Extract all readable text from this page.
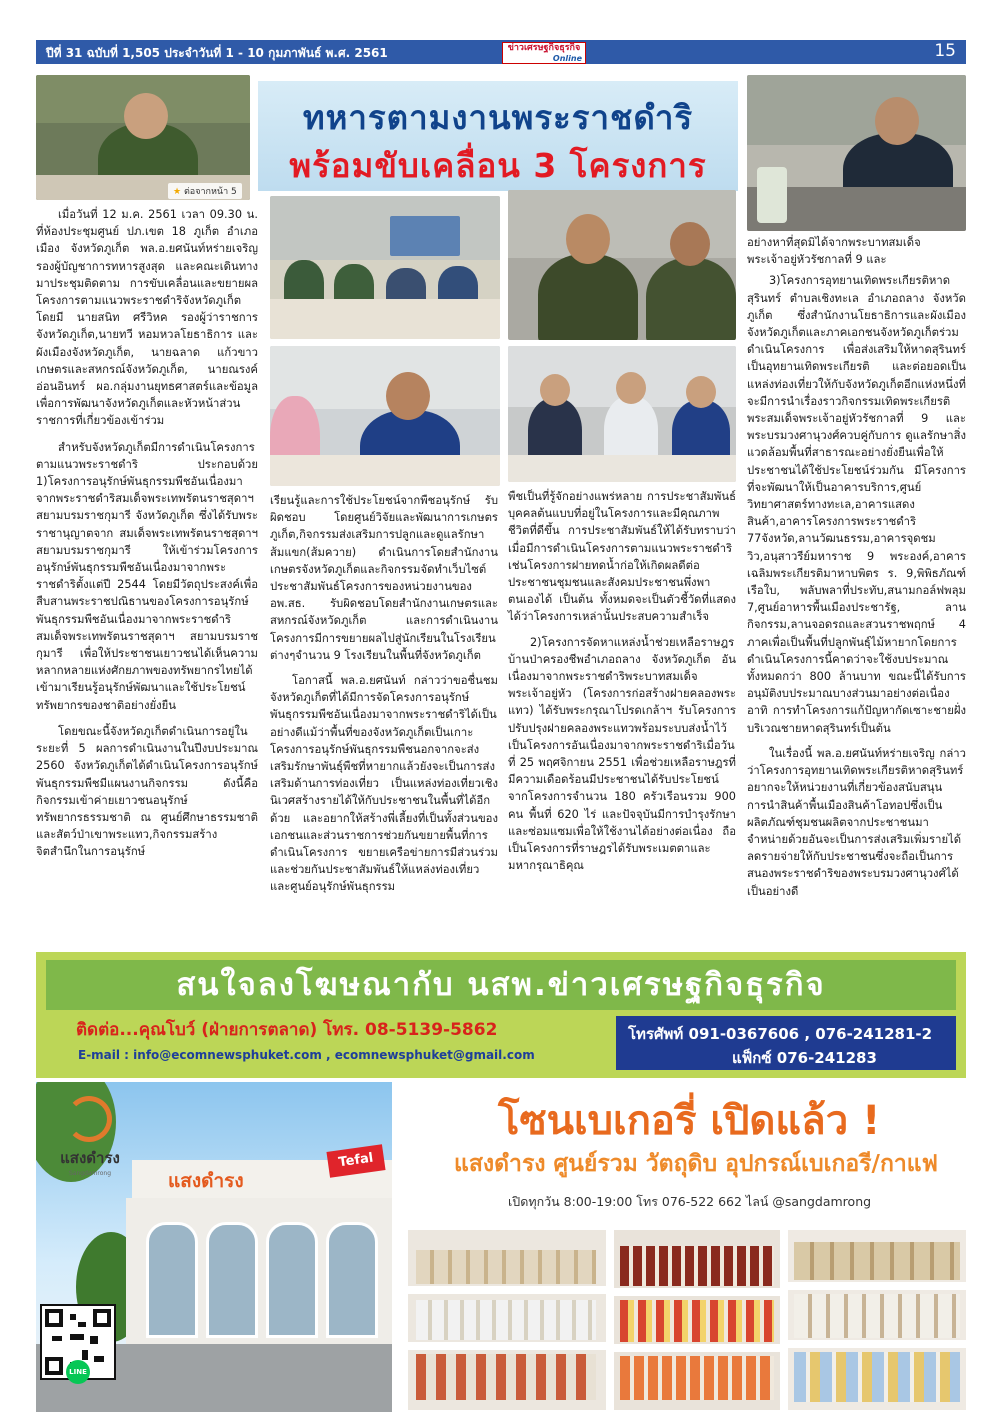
ปีที่ 31 ฉบับที่ 1,505 ประจำวันที่ 1 - 10 กุมภาพันธ์ พ.ศ. 2561	ข่าวเศรษฐกิจธุรกิจ
Online	15
★ ต่อจากหน้า 5
ทหารตามงานพระราชดำริ
พร้อมขับเคลื่อน 3 โครงการ

เมื่อวันที่ 12 ม.ค. 2561 เวลา 09.30 น. ที่ห้องประชุมศูนย์ ปภ.เขต 18 ภูเก็ต อำเภอเมือง จังหวัดภูเก็ต พล.อ.ยศนันท์หร่ายเจริญ รองผู้บัญชาการทหารสูงสุด และคณะเดินทางมาประชุมติดตาม การขับเคลื่อนและขยายผลโครงการตามแนวพระราชดำริจังหวัดภูเก็ต โดยมี นายสนิท ศรีวิหค รองผู้ว่าราชการจังหวัดภูเก็ต,นายทวี หอมหวลโยธาธิการ และผังเมืองจังหวัดภูเก็ต, นายฉลาด แก้วขาวเกษตรและสหกรณ์จังหวัดภูเก็ต, นายณรงค์อ่อนอินทร์ ผอ.กลุ่มงานยุทธศาสตร์และข้อมูลเพื่อการพัฒนาจังหวัดภูเก็ตและหัวหน้าส่วนราชการที่เกี่ยวข้องเข้าร่วม

สำหรับจังหวัดภูเก็ตมีการดำเนินโครงการตามแนวพระราชดำริ ประกอบด้วย 1)โครงการอนุรักษ์พันธุกรรมพืชอันเนื่องมาจากพระราชดำริสมเด็จพระเทพรัตนราชสุดาฯ สยามบรมราชกุมารี จังหวัดภูเก็ต ซึ่งได้รับพระราชานุญาตจาก สมเด็จพระเทพรัตนราชสุดาฯ สยามบรมราชกุมารี ให้เข้าร่วมโครงการอนุรักษ์พันธุกรรมพืชอันเนื่องมาจากพระราชดำริตั้งแต่ปี 2544 โดยมีวัตถุประสงค์เพื่อสืบสานพระราชปณิธานของโครงการอนุรักษ์พันธุกรรมพืชอันเนื่องมาจากพระราชดำริ สมเด็จพระเทพรัตนราชสุดาฯ สยามบรมราชกุมารี เพื่อให้ประชาชนเยาวชนได้เห็นความหลากหลายแห่งศักยภาพของทรัพยากรไทยได้เข้ามาเรียนรู้อนุรักษ์พัฒนาและใช้ประโยชน์ทรัพยากรของชาติอย่างยั่งยืน

โดยขณะนี้จังหวัดภูเก็ตดำเนินการอยู่ในระยะที่ 5 ผลการดำเนินงานในปีงบประมาณ 2560 จังหวัดภูเก็ตได้ดำเนินโครงการอนุรักษ์พันธุกรรมพืชมีแผนงานกิจกรรม ดังนี้คือ กิจกรรมเข้าค่ายเยาวชนอนุรักษ์ทรัพยากรธรรมชาติ ณ ศูนย์ศึกษาธรรมชาติและสัตว์ป่าเขาพระแทว,กิจกรรมสร้างจิตสำนึกในการอนุรักษ์

เรียนรู้และการใช้ประโยชน์จากพืชอนุรักษ์ รับผิดชอบ โดยศูนย์วิจัยและพัฒนาการเกษตรภูเก็ต,กิจกรรมส่งเสริมการปลูกและดูแลรักษาส้มแขก(ส้มควาย) ดำเนินการโดยสำนักงานเกษตรจังหวัดภูเก็ตและกิจกรรมจัดทำเว็บไซต์ประชาสัมพันธ์โครงการของหน่วยงานของ อพ.สธ. รับผิดชอบโดยสำนักงานเกษตรและสหกรณ์จังหวัดภูเก็ต และการดำเนินงานโครงการมีการขยายผลไปสู่นักเรียนในโรงเรียนต่างๆจำนวน 9 โรงเรียนในพื้นที่จังหวัดภูเก็ต

โอกาสนี้ พล.อ.ยศนันท์ กล่าวว่าขอชื่นชมจังหวัดภูเก็ตที่ได้มีการจัดโครงการอนุรักษ์พันธุกรรมพืชอันเนื่องมาจากพระราชดำริได้เป็นอย่างดีแม้ว่าพื้นที่ของจังหวัดภูเก็ตเป็นเกาะ โครงการอนุรักษ์พันธุกรรมพืชนอกจากจะส่งเสริมรักษาพันธุ์พืชที่หายากแล้วยังจะเป็นการส่งเสริมด้านการท่องเที่ยว เป็นแหล่งท่องเที่ยวเชิงนิเวศสร้างรายได้ให้กับประชาชนในพื้นที่ได้อีกด้วย และอยากให้สร้างพี่เลี้ยงที่เป็นทั้งส่วนของเอกชนและส่วนราชการช่วยกันขยายพื้นที่การดำเนินโครงการ ขยายเครือข่ายการมีส่วนร่วมและช่วยกันประชาสัมพันธ์ให้แหล่งท่องเที่ยวและศูนย์อนุรักษ์พันธุกรรม

พืชเป็นที่รู้จักอย่างแพร่หลาย การประชาสัมพันธ์บุคคลต้นแบบที่อยู่ในโครงการและมีคุณภาพชีวิตที่ดีขึ้น การประชาสัมพันธ์ให้ได้รับทราบว่าเมื่อมีการดำเนินโครงการตามแนวพระราชดำริเช่นโครงการฝายทดน้ำก่อให้เกิดผลดีต่อประชาชนชุมชนและสังคมประชาชนพึ่งพาตนเองได้ เป็นต้น ทั้งหมดจะเป็นตัวชี้วัดที่แสดงได้ว่าโครงการเหล่านั้นประสบความสำเร็จ

2)โครงการจัดหาแหล่งน้ำช่วยเหลือราษฎรบ้านป่าครองชีพอำเภอถลาง จังหวัดภูเก็ต อันเนื่องมาจากพระราชดำริพระบาทสมเด็จพระเจ้าอยู่หัว (โครงการก่อสร้างฝายคลองพระแทว) ได้รับพระกรุณาโปรดเกล้าฯ รับโครงการปรับปรุงฝายคลองพระแทวพร้อมระบบส่งน้ำไว้เป็นโครงการอันเนื่องมาจากพระราชดำริเมื่อวันที่ 25 พฤศจิกายน 2551 เพื่อช่วยเหลือราษฎรที่มีความเดือดร้อนมีประชาชนได้รับประโยชน์จากโครงการจำนวน 180 ครัวเรือนรวม 900 คน พื้นที่ 620 ไร่ และปัจจุบันมีการบำรุงรักษาและซ่อมแซมเพื่อให้ใช้งานได้อย่างต่อเนื่อง ถือเป็นโครงการที่ราษฎรได้รับพระเมตตาและมหากรุณาธิคุณ

อย่างหาที่สุดมิได้จากพระบาทสมเด็จพระเจ้าอยู่หัวรัชกาลที่ 9 และ

3)โครงการอุทยานเทิดพระเกียรติหาดสุรินทร์ ตำบลเชิงทะเล อำเภอถลาง จังหวัดภูเก็ต ซึ่งสำนักงานโยธาธิการและผังเมืองจังหวัดภูเก็ตและภาคเอกชนจังหวัดภูเก็ตร่วมดำเนินโครงการ เพื่อส่งเสริมให้หาดสุรินทร์เป็นอุทยานเทิดพระเกียรติ และต่อยอดเป็นแหล่งท่องเที่ยวให้กับจังหวัดภูเก็ตอีกแห่งหนึ่งที่จะมีการนำเรื่องราวกิจกรรมเทิดพระเกียรติพระสมเด็จพระเจ้าอยู่หัวรัชกาลที่ 9 และพระบรมวงศานุวงศ์ควบคู่กับการ ดูแลรักษาสิ่งแวดล้อมพื้นที่สาธารณะอย่างยั่งยืนเพื่อให้ประชาชนได้ใช้ประโยชน์ร่วมกัน มีโครงการที่จะพัฒนาให้เป็นอาคารบริการ,ศูนย์วิทยาศาสตร์ทางทะเล,อาคารแสดงสินค้า,อาคารโครงการพระราชดำริ 77จังหวัด,ลานวัฒนธรรม,อาคารจุดชมวิว,อนุสาวรีย์มหาราช 9 พระองค์,อาคารเฉลิมพระเกียรติมาหาบพิตร ร. 9,พิพิธภัณฑ์เรือใบ, พลับพลาที่ประทับ,สนามกอล์ฟพลุม 7,ศูนย์อาหารพื้นเมืองประชารัฐ, ลานกิจกรรม,ลานจอดรถและสวนราชพฤกษ์ 4 ภาคเพื่อเป็นพื้นที่ปลูกพันธุ์ไม้หายากโดยการดำเนินโครงการนี้คาดว่าจะใช้งบประมาณทั้งหมดกว่า 800 ล้านบาท ขณะนี้ได้รับการอนุมัติงบประมาณบางส่วนมาอย่างต่อเนื่อง อาทิ การทำโครงการแก้ปัญหากัดเซาะชายฝั่งบริเวณชายหาดสุรินทร์เป็นต้น

ในเรื่องนี้ พล.อ.ยศนันท์หร่ายเจริญ กล่าวว่าโครงการอุทยานเทิดพระเกียรติหาดสุรินทร์อยากจะให้หน่วยงานที่เกี่ยวข้องสนับสนุนการนำสินค้าพื้นเมืองสินค้าโอทอปซึ่งเป็นผลิตภัณฑ์ชุมชนผลิตจากประชาชนมาจำหน่ายด้วยอันจะเป็นการส่งเสริมเพิ่มรายได้ลดรายจ่ายให้กับประชาชนซึ่งจะถือเป็นการสนองพระราชดำริของพระบรมวงศานุวงศ์ได้เป็นอย่างดี

สนใจลงโฆษณากับ นสพ.ข่าวเศรษฐกิจธุรกิจ
ติดต่อ...คุณโบว์ (ฝ่ายการตลาด) โทร. 08-5139-5862
E-mail : info@ecomnewsphuket.com , ecomnewsphuket@gmail.com
โทรศัพท์ 091-0367606 , 076-241281-2
แฟ็กซ์ 076-241283
แสงดำรง
Tefal
แสงดำรง
Sangdamrong
LINE
โซนเบเกอรี่ เปิดแล้ว !
แสงดำรง ศูนย์รวม วัตถุดิบ อุปกรณ์เบเกอรี/กาแฟ
เปิดทุกวัน 8:00-19:00 โทร 076-522 662 ไลน์ @sangdamrong
